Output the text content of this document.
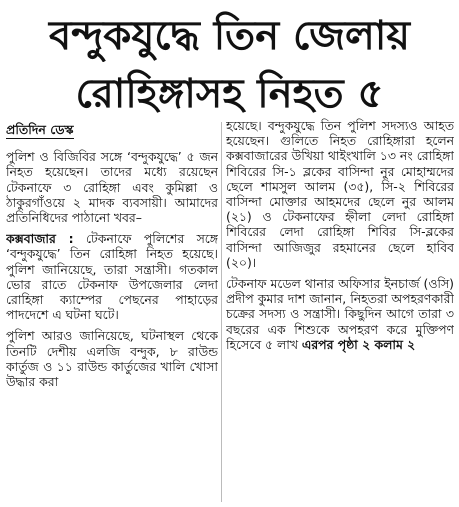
বন্দুকযুদ্ধে তিন জেলায়
রোহিঙ্গাসহ নিহত ৫
প্রতিদিন ডেস্ক

পুলিশ ও বিজিবির সঙ্গে ‘বন্দুকযুদ্ধে’ ৫ জন নিহত হয়েছেন। তাদের মধ্যে রয়েছেন টেকনাফে ৩ রোহিঙ্গা এবং কুমিল্লা ও ঠাকুরগাঁওয়ে ২ মাদক ব্যবসায়ী। আমাদের প্রতিনিধিদের পাঠানো খবর–

কক্সবাজার : টেকনাফে পুলিশের সঙ্গে ‘বন্দুকযুদ্ধে’ তিন রোহিঙ্গা নিহত হয়েছে। পুলিশ জানিয়েছে, তারা সন্ত্রাসী। গতকাল ভোর রাতে টেকনাফ উপজেলার লেদা রোহিঙ্গা ক্যাম্পের পেছনের পাহাড়ের পাদদেশে এ ঘটনা ঘটে।

পুলিশ আরও জানিয়েছে, ঘটনাস্থল থেকে তিনটি দেশীয় এলজি বন্দুক, ৮ রাউন্ড কার্তুজ ও ১১ রাউন্ড কার্তুজের খালি খোসা উদ্ধার করা

হয়েছে। বন্দুকযুদ্ধে তিন পুলিশ সদস্যও আহত হয়েছেন। গুলিতে নিহত রোহিঙ্গারা হলেন কক্সবাজারের উখিয়া থাইংখালি ১৩ নং রোহিঙ্গা শিবিরের সি-১ ব্লকের বাসিন্দা নুর মোহাম্মদের ছেলে শামসুল আলম (৩৫), সি-২ শিবিরের বাসিন্দা মোক্তার আহমদের ছেলে নুর আলম (২১) ও টেকনাফের হ্নীলা লেদা রোহিঙ্গা শিবিরের লেদা রোহিঙ্গা শিবির সি-ব্লকের বাসিন্দা আজিজুর রহমানের ছেলে হাবিব (২০)।

টেকনাফ মডেল থানার অফিসার ইনচার্জ (ওসি) প্রদীপ কুমার দাশ জানান, নিহতরা অপহরণকারী চক্রের সদস্য ও সন্ত্রাসী। কিছুদিন আগে তারা ৩ বছরের এক শিশুকে অপহরণ করে মুক্তিপণ হিসেবে ৫ লাখ এরপর পৃষ্ঠা ২ কলাম ২
